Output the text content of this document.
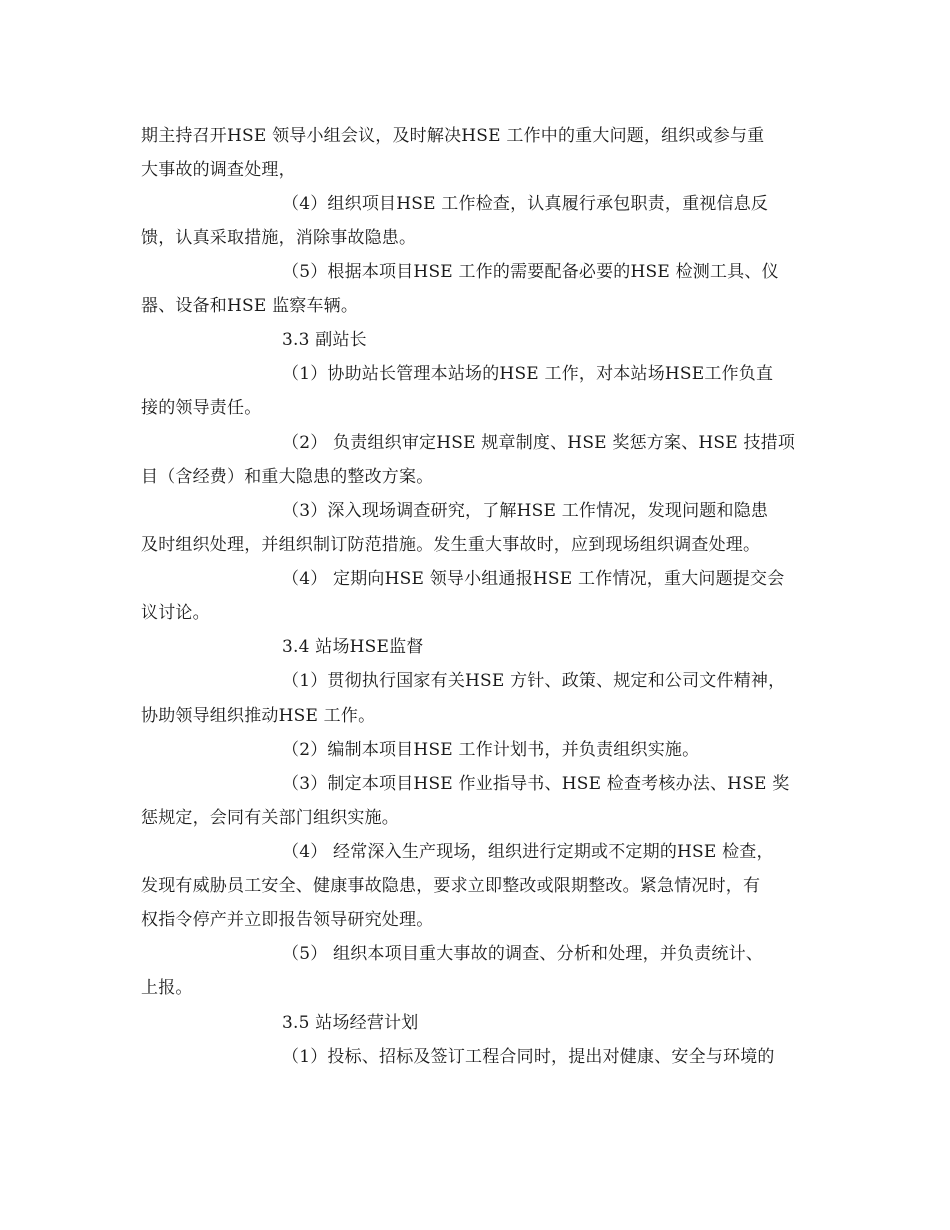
期主持召开HSE 领导小组会议，及时解决HSE 工作中的重大问题，组织或参与重
大事故的调查处理，
（4）组织项目HSE 工作检查，认真履行承包职责，重视信息反
馈，认真采取措施，消除事故隐患。
（5）根据本项目HSE 工作的需要配备必要的HSE 检测工具、仪
器、设备和HSE 监察车辆。
3.3 副站长
（1）协助站长管理本站场的HSE 工作，对本站场HSE工作负直
接的领导责任。
（2） 负责组织审定HSE 规章制度、HSE 奖惩方案、HSE 技措项
目（含经费）和重大隐患的整改方案。
（3）深入现场调查研究，了解HSE 工作情况，发现问题和隐患
及时组织处理，并组织制订防范措施。发生重大事故时，应到现场组织调查处理。
（4） 定期向HSE 领导小组通报HSE 工作情况，重大问题提交会
议讨论。
3.4 站场HSE监督
（1）贯彻执行国家有关HSE 方针、政策、规定和公司文件精神，
协助领导组织推动HSE 工作。
（2）编制本项目HSE 工作计划书，并负责组织实施。
（3）制定本项目HSE 作业指导书、HSE 检查考核办法、HSE 奖
惩规定，会同有关部门组织实施。
（4） 经常深入生产现场，组织进行定期或不定期的HSE 检查，
发现有威胁员工安全、健康事故隐患，要求立即整改或限期整改。紧急情况时，有
权指令停产并立即报告领导研究处理。
（5） 组织本项目重大事故的调查、分析和处理，并负责统计、
上报。
3.5 站场经营计划
（1）投标、招标及签订工程合同时，提出对健康、安全与环境的
